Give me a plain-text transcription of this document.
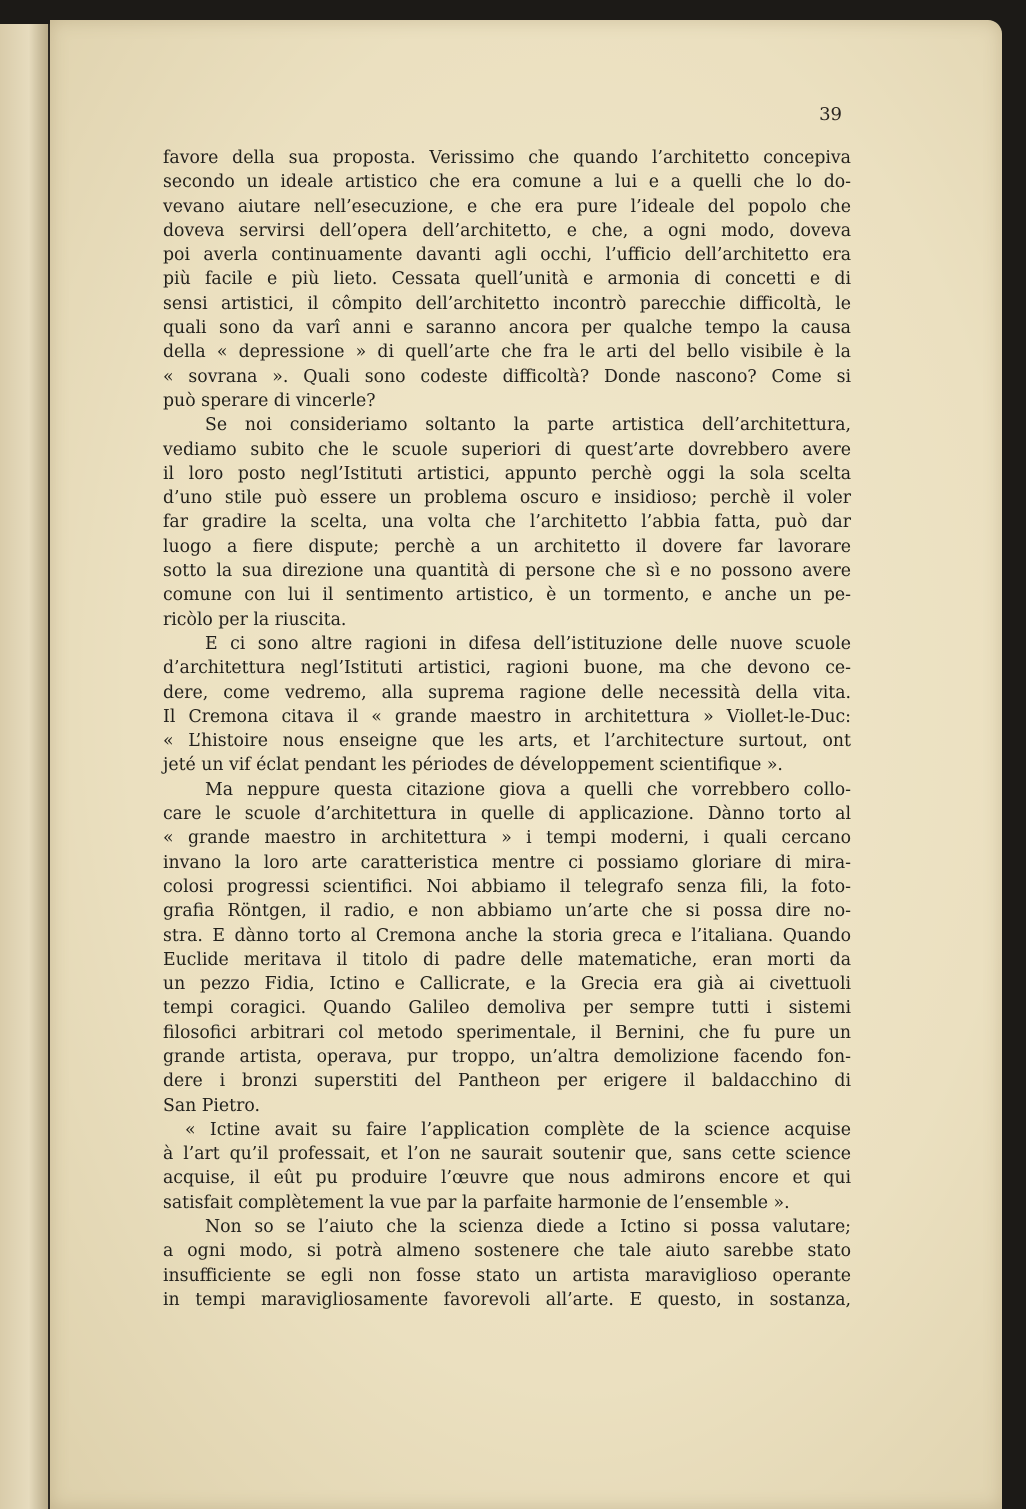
39
favore della sua proposta. Verissimo che quando l’architetto concepiva
secondo un ideale artistico che era comune a lui e a quelli che lo do-
vevano aiutare nell’esecuzione, e che era pure l’ideale del popolo che
doveva servirsi dell’opera dell’architetto, e che, a ogni modo, doveva
poi averla continuamente davanti agli occhi, l’ufficio dell’architetto era
più facile e più lieto. Cessata quell’unità e armonia di concetti e di
sensi artistici, il cômpito dell’architetto incontrò parecchie difficoltà, le
quali sono da varî anni e saranno ancora per qualche tempo la causa
della « depressione » di quell’arte che fra le arti del bello visibile è la
« sovrana ». Quali sono codeste difficoltà? Donde nascono? Come si
può sperare di vincerle?
Se noi consideriamo soltanto la parte artistica dell’architettura,
vediamo subito che le scuole superiori di quest’arte dovrebbero avere
il loro posto negl’Istituti artistici, appunto perchè oggi la sola scelta
d’uno stile può essere un problema oscuro e insidioso; perchè il voler
far gradire la scelta, una volta che l’architetto l’abbia fatta, può dar
luogo a fiere dispute; perchè a un architetto il dovere far lavorare
sotto la sua direzione una quantità di persone che sì e no possono avere
comune con lui il sentimento artistico, è un tormento, e anche un pe-
ricòlo per la riuscita.
E ci sono altre ragioni in difesa dell’istituzione delle nuove scuole
d’architettura negl’Istituti artistici, ragioni buone, ma che devono ce-
dere, come vedremo, alla suprema ragione delle necessità della vita.
Il Cremona citava il « grande maestro in architettura » Viollet-le-Duc:
« L’histoire nous enseigne que les arts, et l’architecture surtout, ont
jeté un vif éclat pendant les périodes de développement scientifique ».
Ma neppure questa citazione giova a quelli che vorrebbero collo-
care le scuole d’architettura in quelle di applicazione. Dànno torto al
« grande maestro in architettura » i tempi moderni, i quali cercano
invano la loro arte caratteristica mentre ci possiamo gloriare di mira-
colosi progressi scientifici. Noi abbiamo il telegrafo senza fili, la foto-
grafia Röntgen, il radio, e non abbiamo un’arte che si possa dire no-
stra. E dànno torto al Cremona anche la storia greca e l’italiana. Quando
Euclide meritava il titolo di padre delle matematiche, eran morti da
un pezzo Fidia, Ictino e Callicrate, e la Grecia era già ai civettuoli
tempi coragici. Quando Galileo demoliva per sempre tutti i sistemi
filosofici arbitrari col metodo sperimentale, il Bernini, che fu pure un
grande artista, operava, pur troppo, un’altra demolizione facendo fon-
dere i bronzi superstiti del Pantheon per erigere il baldacchino di
San Pietro.
« Ictine avait su faire l’application complète de la science acquise
à l’art qu’il professait, et l’on ne saurait soutenir que, sans cette science
acquise, il eût pu produire l’œuvre que nous admirons encore et qui
satisfait complètement la vue par la parfaite harmonie de l’ensemble ».
Non so se l’aiuto che la scienza diede a Ictino si possa valutare;
a ogni modo, si potrà almeno sostenere che tale aiuto sarebbe stato
insufficiente se egli non fosse stato un artista maraviglioso operante
in tempi maravigliosamente favorevoli all’arte. E questo, in sostanza,
